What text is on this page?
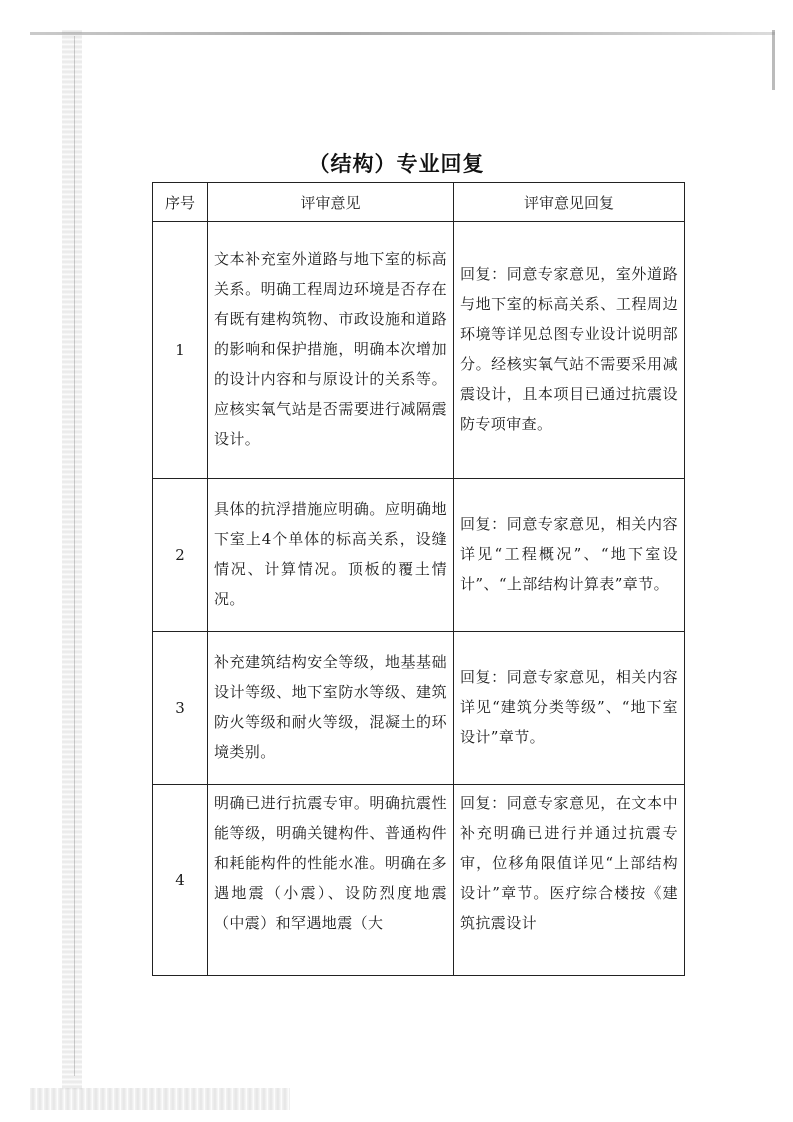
（结构）专业回复
序号	评审意见	评审意见回复
1	文本补充室外道路与地下室的标高关系。明确工程周边环境是否存在有既有建构筑物、市政设施和道路的影响和保护措施，明确本次增加的设计内容和与原设计的关系等。应核实氧气站是否需要进行减隔震设计。	回复：同意专家意见，室外道路与地下室的标高关系、工程周边环境等详见总图专业设计说明部分。经核实氧气站不需要采用减震设计，且本项目已通过抗震设防专项审查。

2	具体的抗浮措施应明确。应明确地下室上4个单体的标高关系，设缝情况、计算情况。顶板的覆土情况。	回复：同意专家意见，相关内容详见“工程概况”、“地下室设计”、“上部结构计算表”章节。

3	补充建筑结构安全等级，地基基础设计等级、地下室防水等级、建筑防火等级和耐火等级，混凝土的环境类别。	回复：同意专家意见，相关内容详见“建筑分类等级”、“地下室设计”章节。

4	明确已进行抗震专审。明确抗震性能等级，明确关键构件、普通构件和耗能构件的性能水准。明确在多遇地震（小震）、设防烈度地震（中震）和罕遇地震（大	回复：同意专家意见，在文本中补充明确已进行并通过抗震专审，位移角限值详见“上部结构设计”章节。医疗综合楼按《建筑抗震设计
